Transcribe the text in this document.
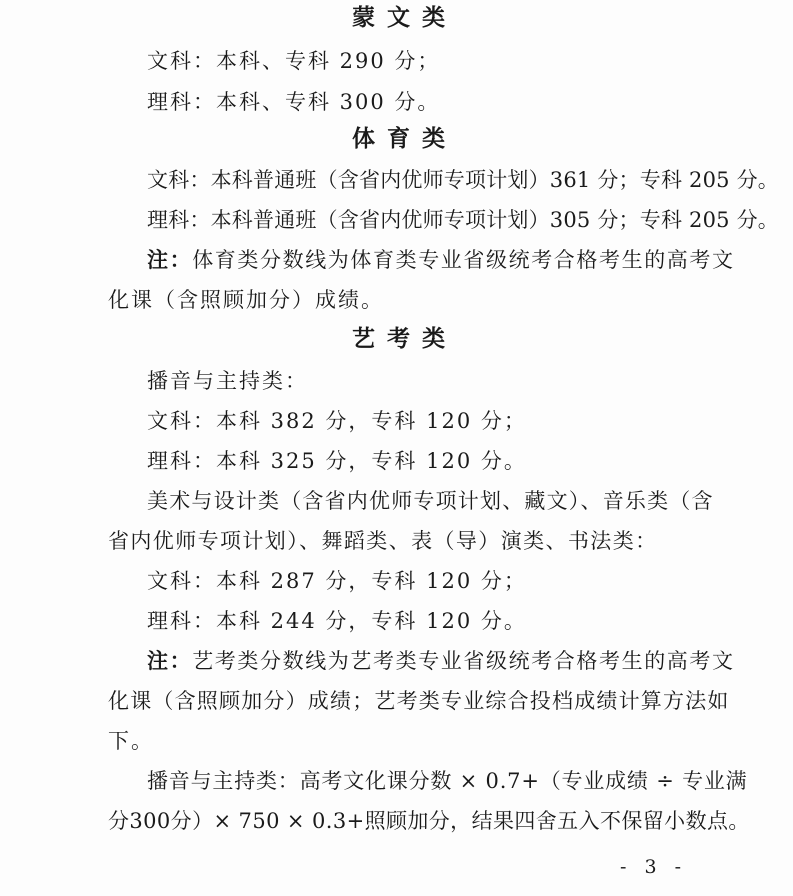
蒙文类
文科：本科、专科 290 分；
理科：本科、专科 300 分。
体育类
文科：本科普通班（含省内优师专项计划）361 分；专科 205 分。
理科：本科普通班（含省内优师专项计划）305 分；专科 205 分。
注：体育类分数线为体育类专业省级统考合格考生的高考文
化课（含照顾加分）成绩。
艺考类
播音与主持类：
文科：本科 382 分，专科 120 分；
理科：本科 325 分，专科 120 分。
美术与设计类（含省内优师专项计划、藏文）、音乐类（含
省内优师专项计划）、舞蹈类、表（导）演类、书法类：
文科：本科 287 分，专科 120 分；
理科：本科 244 分，专科 120 分。
注：艺考类分数线为艺考类专业省级统考合格考生的高考文
化课（含照顾加分）成绩；艺考类专业综合投档成绩计算方法如
下。
播音与主持类：高考文化课分数 × 0.7+（专业成绩 ÷ 专业满
分300分）× 750 × 0.3+照顾加分，结果四舍五入不保留小数点。
- 3 -
